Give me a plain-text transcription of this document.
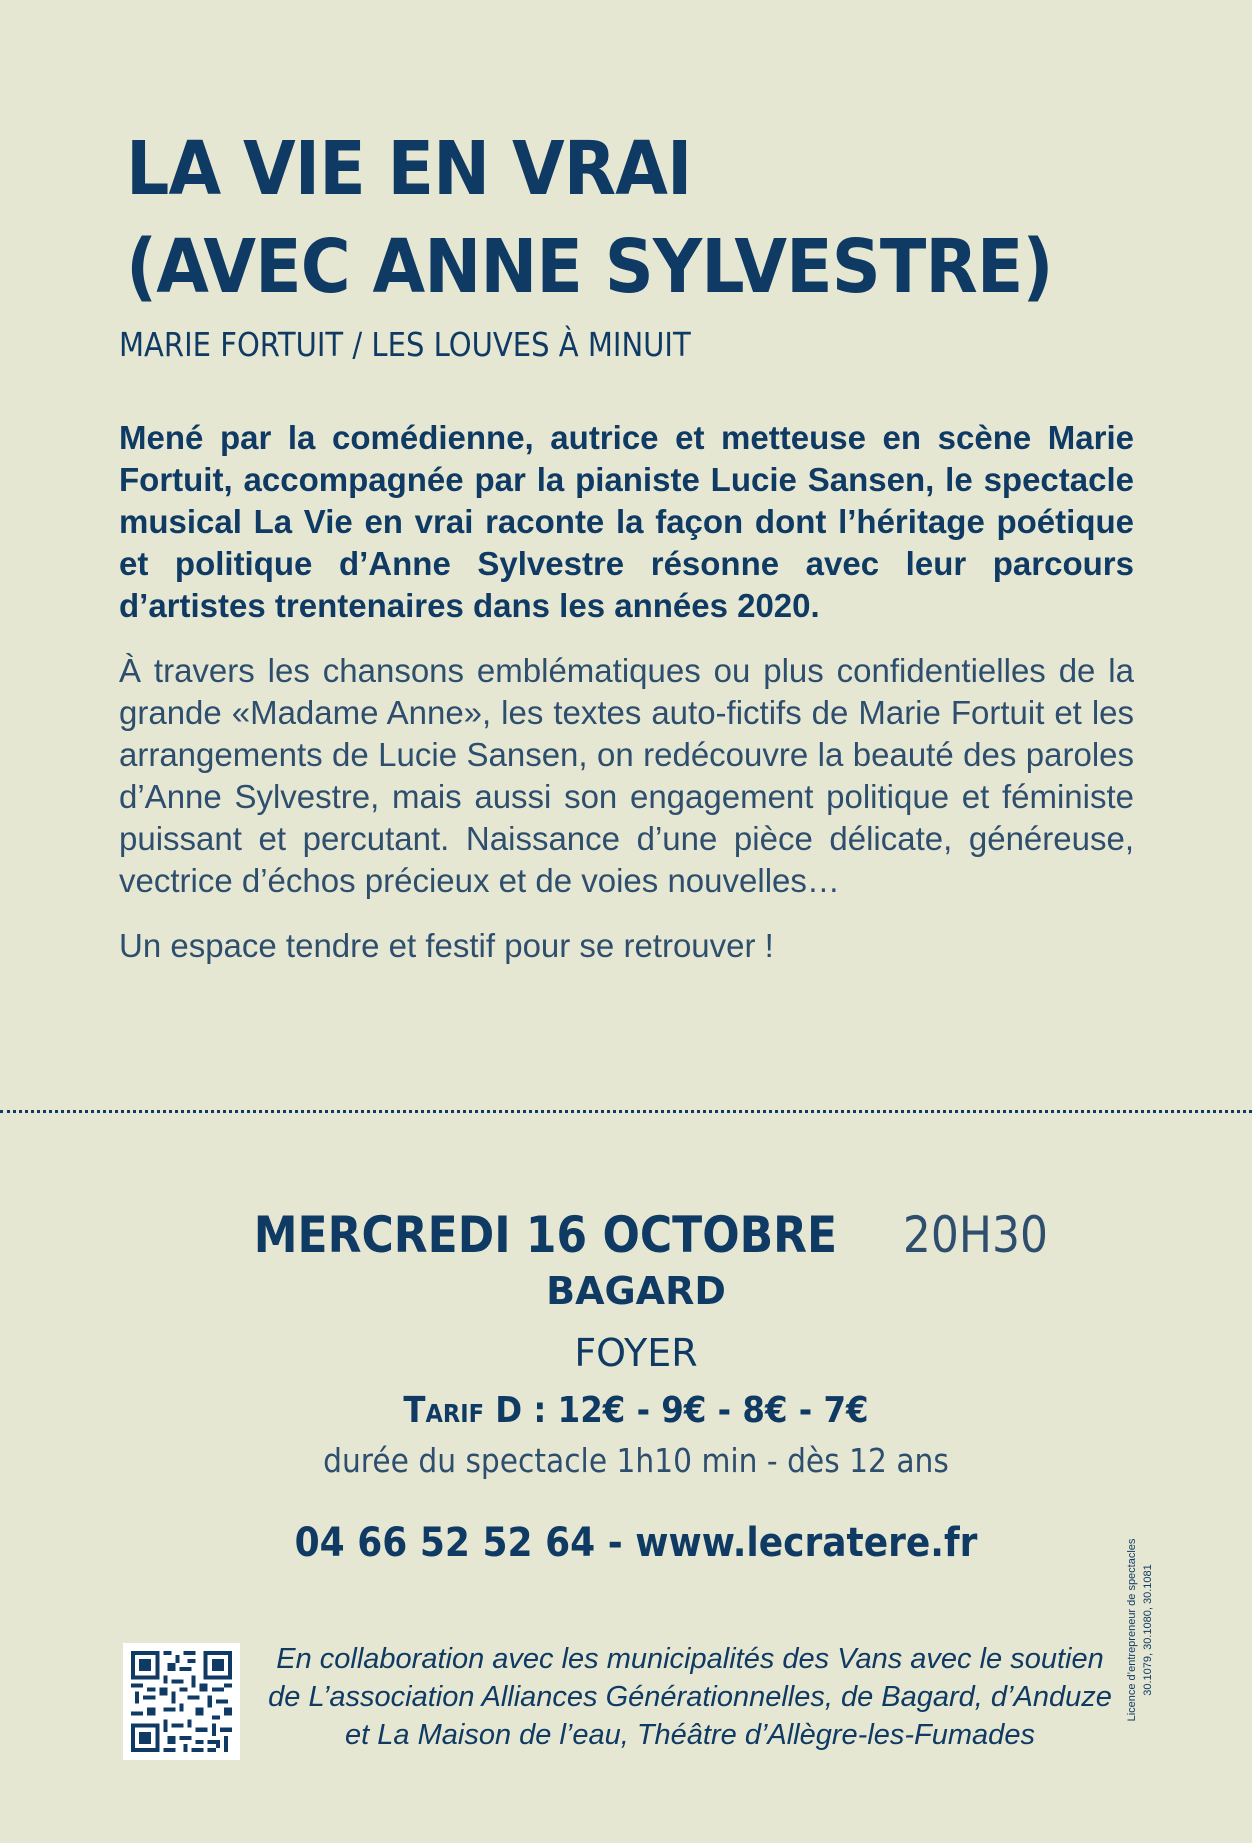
LA VIE EN VRAI
(AVEC ANNE SYLVESTRE)
MARIE FORTUIT / LES LOUVES À MINUIT

Mené par la comédienne, autrice et metteuse en scène Marie Fortuit, accompagnée par la pianiste Lucie Sansen, le spectacle musical La Vie en vrai raconte la façon dont l’héritage poétique et politique d’Anne Sylvestre résonne avec leur parcours d’artistes trentenaires dans les années 2020.

À travers les chansons emblématiques ou plus confidentielles de la grande «Madame Anne», les textes auto-fictifs de Marie Fortuit et les arrangements de Lucie Sansen, on redécouvre la beauté des paroles d’Anne Sylvestre, mais aussi son engagement politique et féministe puissant et percutant. Naissance d’une pièce délicate, généreuse, vectrice d’échos précieux et de voies nouvelles…

Un espace tendre et festif pour se retrouver !

MERCREDI 16 OCTOBRE 20H30
BAGARD
FOYER
Tarif D : 12€ - 9€ - 8€ - 7€
durée du spectacle 1h10 min - dès 12 ans
04 66 52 52 64 - www.lecratere.fr
En collaboration avec les municipalités des Vans avec le soutien
de L’association Alliances Générationnelles, de Bagard, d’Anduze
et La Maison de l’eau, Théâtre d’Allègre-les-Fumades
Licence d’entrepreneur de spectacles 30.1079, 30.1080, 30.1081
